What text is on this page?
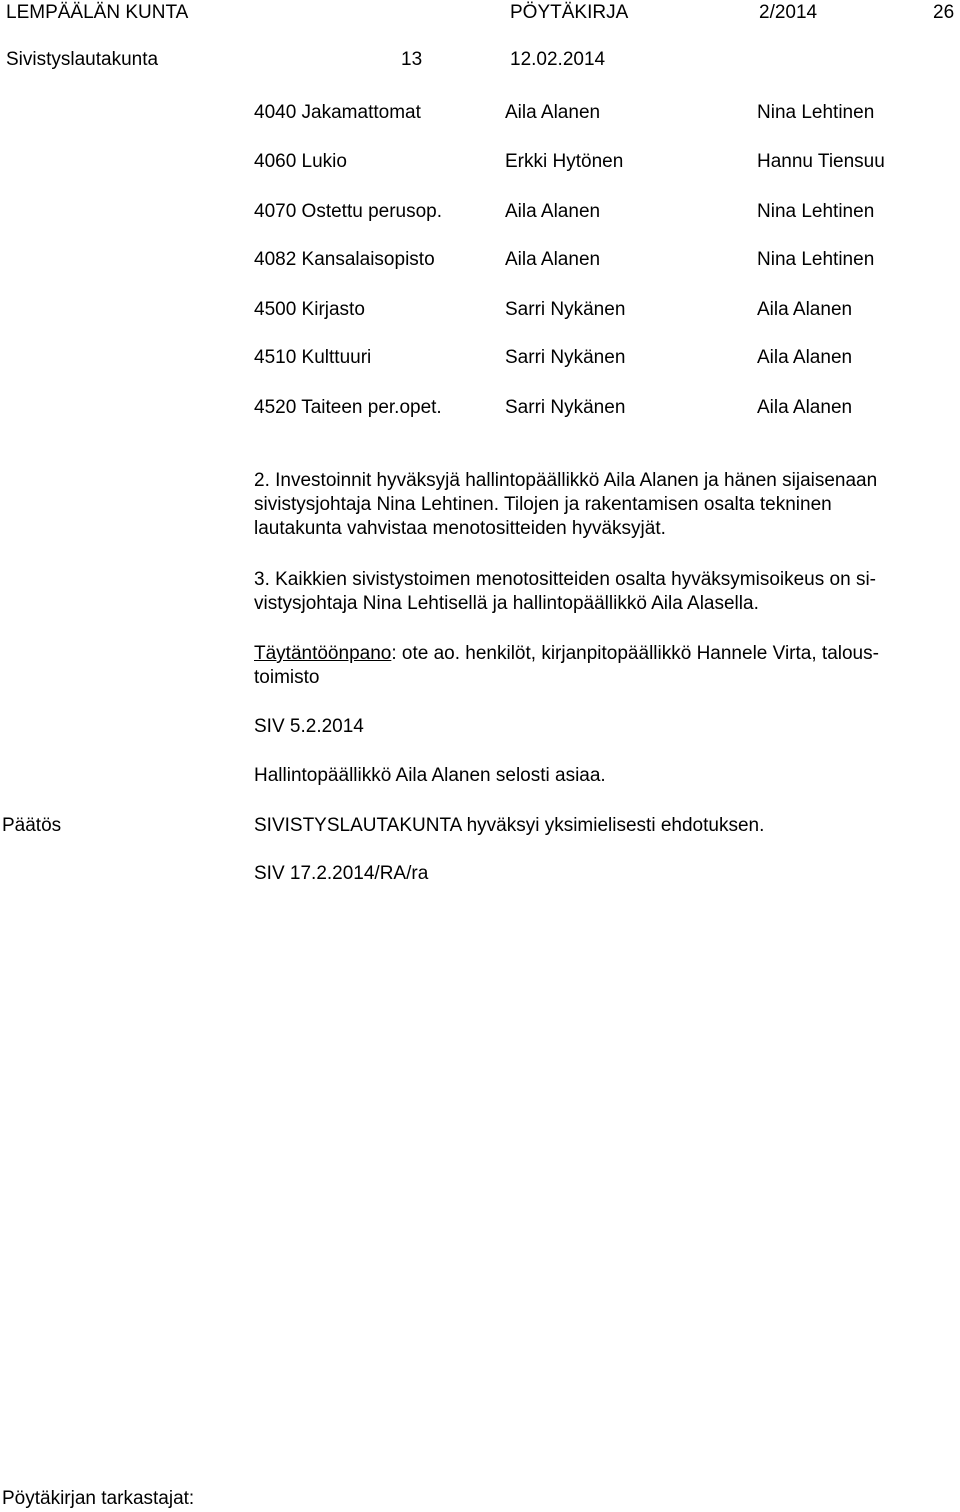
LEMPÄÄLÄN KUNTA	PÖYTÄKIRJA	2/2014	26
Sivistyslautakunta	13	12.02.2014
4040 Jakamattomat	Aila Alanen	Nina Lehtinen
4060 Lukio	Erkki Hytönen	Hannu Tiensuu
4070 Ostettu perusop.	Aila Alanen	Nina Lehtinen
4082 Kansalaisopisto	Aila Alanen	Nina Lehtinen
4500 Kirjasto	Sarri Nykänen	Aila Alanen
4510 Kulttuuri	Sarri Nykänen	Aila Alanen
4520 Taiteen per.opet.	Sarri Nykänen	Aila Alanen
2. Investoinnit hyväksyjä hallintopäällikkö Aila Alanen ja hänen sijaisenaan
sivistysjohtaja Nina Lehtinen. Tilojen ja rakentamisen osalta tekninen
lautakunta vahvistaa menotositteiden hyväksyjät.
3. Kaikkien sivistystoimen menotositteiden osalta hyväksymisoikeus on si-
vistysjohtaja Nina Lehtisellä ja hallintopäällikkö Aila Alasella.
Täytäntöönpano: ote ao. henkilöt, kirjanpitopäällikkö Hannele Virta, talous-
toimisto
SIV 5.2.2014
Hallintopäällikkö Aila Alanen selosti asiaa.
Päätös	SIVISTYSLAUTAKUNTA hyväksyi yksimielisesti ehdotuksen.
SIV 17.2.2014/RA/ra
Pöytäkirjan tarkastajat:
